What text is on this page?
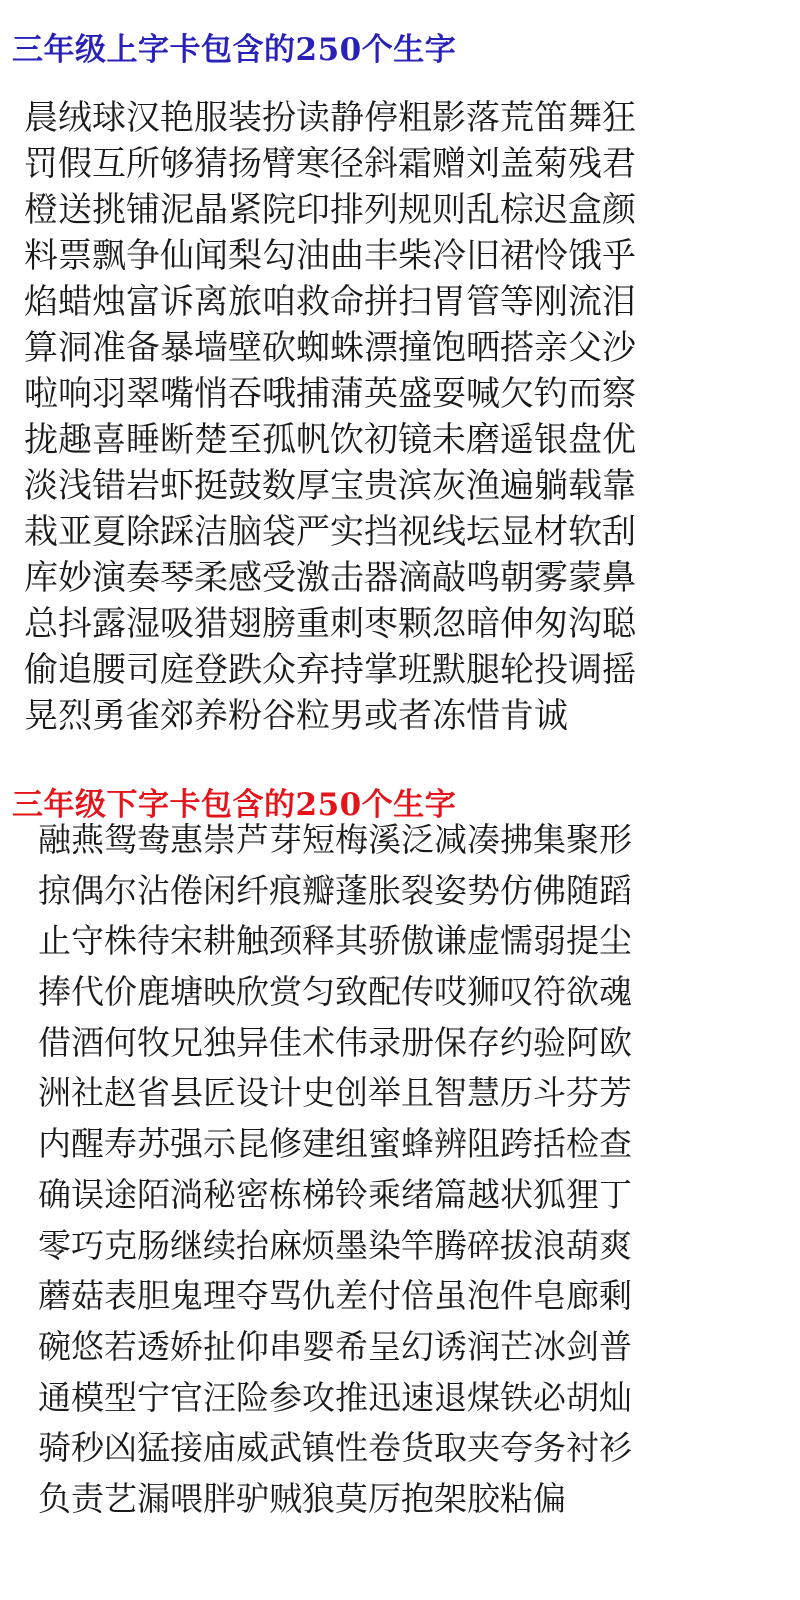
三年级上字卡包含的250个生字
晨绒球汉艳服装扮读静停粗影落荒笛舞狂
罚假互所够猜扬臂寒径斜霜赠刘盖菊残君
橙送挑铺泥晶紧院印排列规则乱棕迟盒颜
料票飘争仙闻梨勾油曲丰柴冷旧裙怜饿乎
焰蜡烛富诉离旅咱救命拼扫胃管等刚流泪
算洞准备暴墙壁砍蜘蛛漂撞饱晒搭亲父沙
啦响羽翠嘴悄吞哦捕蒲英盛耍喊欠钓而察
拢趣喜睡断楚至孤帆饮初镜未磨遥银盘优
淡浅错岩虾挺鼓数厚宝贵滨灰渔遍躺载靠
栽亚夏除踩洁脑袋严实挡视线坛显材软刮
库妙演奏琴柔感受激击器滴敲鸣朝雾蒙鼻
总抖露湿吸猎翅膀重刺枣颗忽暗伸匆沟聪
偷追腰司庭登跌众弃持掌班默腿轮投调摇
晃烈勇雀郊养粉谷粒男或者冻惜肯诚
三年级下字卡包含的250个生字
融燕鸳鸯惠崇芦芽短梅溪泛减凑拂集聚形
掠偶尔沾倦闲纤痕瓣蓬胀裂姿势仿佛随蹈
止守株待宋耕触颈释其骄傲谦虚懦弱提尘
捧代价鹿塘映欣赏匀致配传哎狮叹符欲魂
借酒何牧兄独异佳术伟录册保存约验阿欧
洲社赵省县匠设计史创举且智慧历斗芬芳
内醒寿苏强示昆修建组蜜蜂辨阻跨括检查
确误途陌淌秘密栋梯铃乘绪篇越状狐狸丁
零巧克肠继续抬麻烦墨染竿腾碎拔浪葫爽
蘑菇表胆鬼理夺骂仇差付倍虽泡件皂廊剩
碗悠若透娇扯仰串婴希呈幻诱润芒冰剑普
通模型宁官汪险参攻推迅速退煤铁必胡灿
骑秒凶猛接庙威武镇性卷货取夹夸务衬衫
负责艺漏喂胖驴贼狼莫厉抱架胶粘偏
